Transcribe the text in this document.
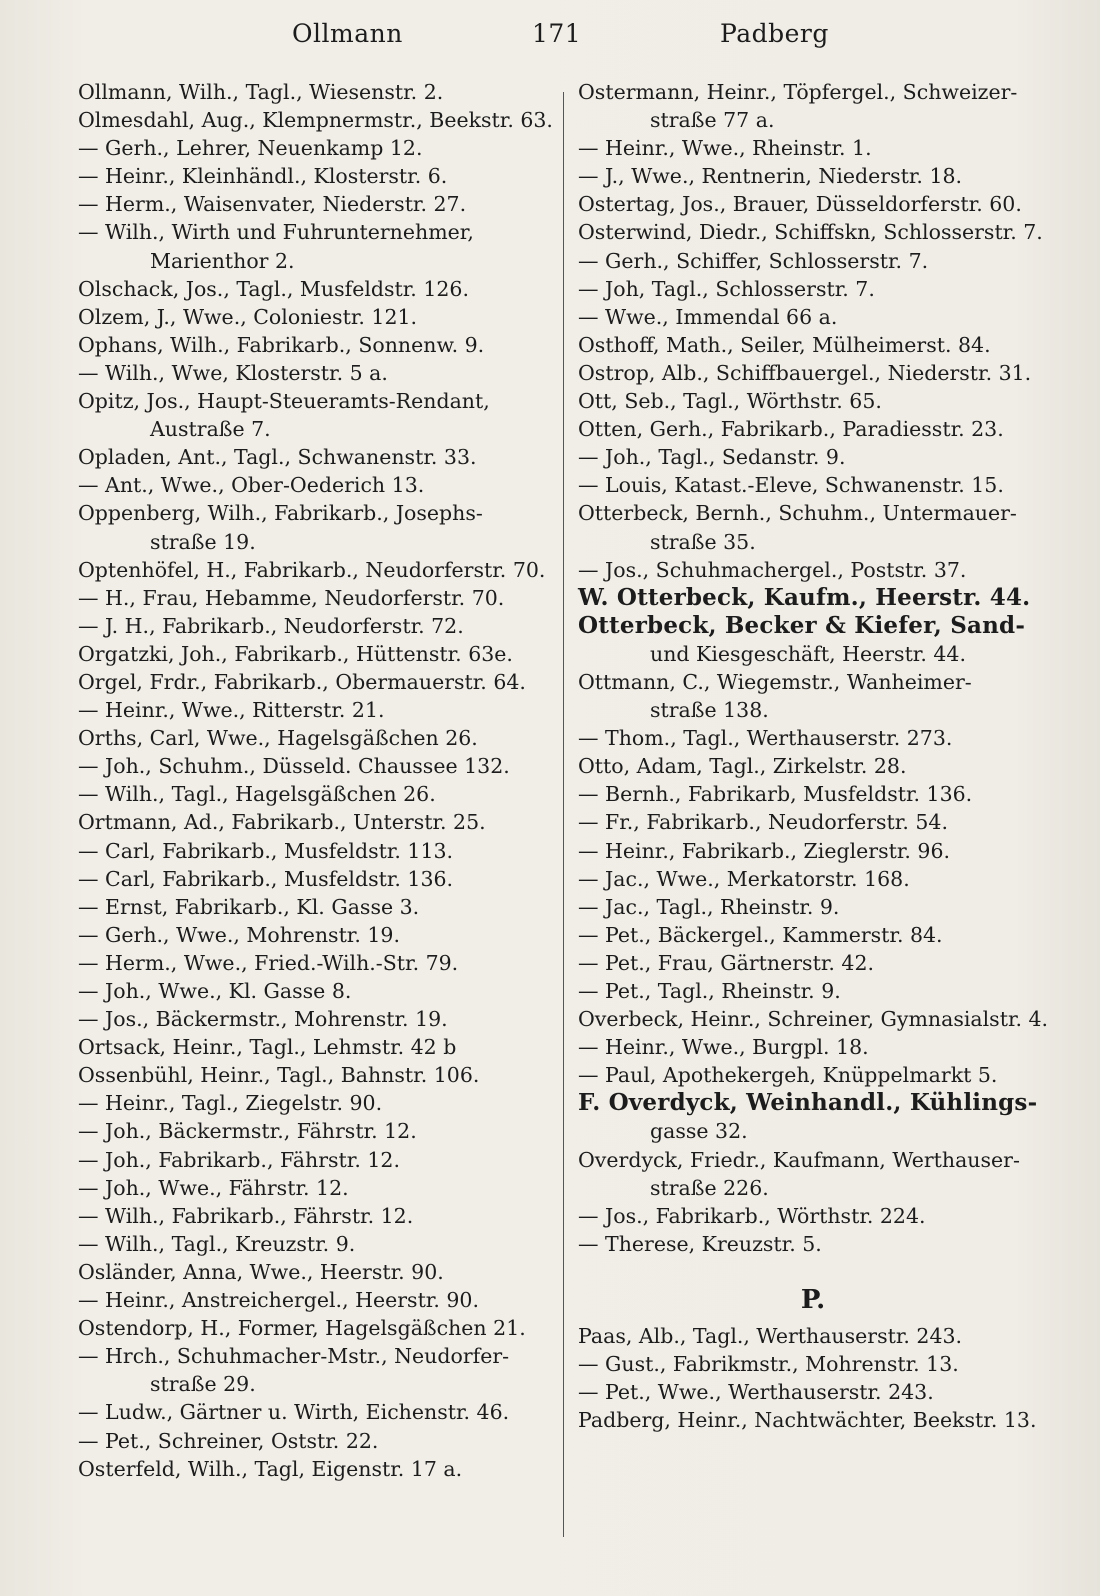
Ollmann	171	Padberg
Ollmann, Wilh., Tagl., Wiesenstr. 2.
Olmesdahl, Aug., Klempnermstr., Beekstr. 63.
— Gerh., Lehrer, Neuenkamp 12.
— Heinr., Kleinhändl., Klosterstr. 6.
— Herm., Waisenvater, Niederstr. 27.
— Wilh., Wirth und Fuhrunternehmer,
Marienthor 2.
Olschack, Jos., Tagl., Musfeldstr. 126.
Olzem, J., Wwe., Coloniestr. 121.
Ophans, Wilh., Fabrikarb., Sonnenw. 9.
— Wilh., Wwe, Klosterstr. 5 a.
Opitz, Jos., Haupt-Steueramts-Rendant,
Austraße 7.
Opladen, Ant., Tagl., Schwanenstr. 33.
— Ant., Wwe., Ober-Oederich 13.
Oppenberg, Wilh., Fabrikarb., Josephs-
straße 19.
Optenhöfel, H., Fabrikarb., Neudorferstr. 70.
— H., Frau, Hebamme, Neudorferstr. 70.
— J. H., Fabrikarb., Neudorferstr. 72.
Orgatzki, Joh., Fabrikarb., Hüttenstr. 63e.
Orgel, Frdr., Fabrikarb., Obermauerstr. 64.
— Heinr., Wwe., Ritterstr. 21.
Orths, Carl, Wwe., Hagelsgäßchen 26.
— Joh., Schuhm., Düsseld. Chaussee 132.
— Wilh., Tagl., Hagelsgäßchen 26.
Ortmann, Ad., Fabrikarb., Unterstr. 25.
— Carl, Fabrikarb., Musfeldstr. 113.
— Carl, Fabrikarb., Musfeldstr. 136.
— Ernst, Fabrikarb., Kl. Gasse 3.
— Gerh., Wwe., Mohrenstr. 19.
— Herm., Wwe., Fried.-Wilh.-Str. 79.
— Joh., Wwe., Kl. Gasse 8.
— Jos., Bäckermstr., Mohrenstr. 19.
Ortsack, Heinr., Tagl., Lehmstr. 42 b
Ossenbühl, Heinr., Tagl., Bahnstr. 106.
— Heinr., Tagl., Ziegelstr. 90.
— Joh., Bäckermstr., Fährstr. 12.
— Joh., Fabrikarb., Fährstr. 12.
— Joh., Wwe., Fährstr. 12.
— Wilh., Fabrikarb., Fährstr. 12.
— Wilh., Tagl., Kreuzstr. 9.
Osländer, Anna, Wwe., Heerstr. 90.
— Heinr., Anstreichergel., Heerstr. 90.
Ostendorp, H., Former, Hagelsgäßchen 21.
— Hrch., Schuhmacher-Mstr., Neudorfer-
straße 29.
— Ludw., Gärtner u. Wirth, Eichenstr. 46.
— Pet., Schreiner, Oststr. 22.
Osterfeld, Wilh., Tagl, Eigenstr. 17 a.
Ostermann, Heinr., Töpfergel., Schweizer-
straße 77 a.
— Heinr., Wwe., Rheinstr. 1.
— J., Wwe., Rentnerin, Niederstr. 18.
Ostertag, Jos., Brauer, Düsseldorferstr. 60.
Osterwind, Diedr., Schiffskn, Schlosserstr. 7.
— Gerh., Schiffer, Schlosserstr. 7.
— Joh, Tagl., Schlosserstr. 7.
— Wwe., Immendal 66 a.
Osthoff, Math., Seiler, Mülheimerst. 84.
Ostrop, Alb., Schiffbauergel., Niederstr. 31.
Ott, Seb., Tagl., Wörthstr. 65.
Otten, Gerh., Fabrikarb., Paradiesstr. 23.
— Joh., Tagl., Sedanstr. 9.
— Louis, Katast.-Eleve, Schwanenstr. 15.
Otterbeck, Bernh., Schuhm., Untermauer-
straße 35.
— Jos., Schuhmachergel., Poststr. 37.
W. Otterbeck, Kaufm., Heerstr. 44.
Otterbeck, Becker & Kiefer, Sand-
und Kiesgeschäft, Heerstr. 44.
Ottmann, C., Wiegemstr., Wanheimer-
straße 138.
— Thom., Tagl., Werthauserstr. 273.
Otto, Adam, Tagl., Zirkelstr. 28.
— Bernh., Fabrikarb, Musfeldstr. 136.
— Fr., Fabrikarb., Neudorferstr. 54.
— Heinr., Fabrikarb., Zieglerstr. 96.
— Jac., Wwe., Merkatorstr. 168.
— Jac., Tagl., Rheinstr. 9.
— Pet., Bäckergel., Kammerstr. 84.
— Pet., Frau, Gärtnerstr. 42.
— Pet., Tagl., Rheinstr. 9.
Overbeck, Heinr., Schreiner, Gymnasialstr. 4.
— Heinr., Wwe., Burgpl. 18.
— Paul, Apothekergeh, Knüppelmarkt 5.
F. Overdyck, Weinhandl., Kühlings-
gasse 32.
Overdyck, Friedr., Kaufmann, Werthauser-
straße 226.
— Jos., Fabrikarb., Wörthstr. 224.
— Therese, Kreuzstr. 5.
P.
Paas, Alb., Tagl., Werthauserstr. 243.
— Gust., Fabrikmstr., Mohrenstr. 13.
— Pet., Wwe., Werthauserstr. 243.
Padberg, Heinr., Nachtwächter, Beekstr. 13.
